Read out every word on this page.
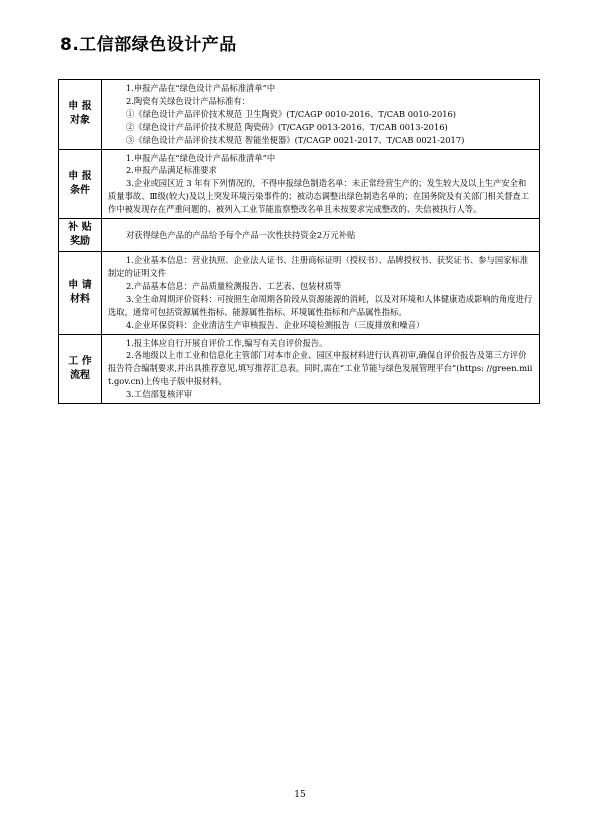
8.工信部绿色设计产品
申 报
对象	1.申报产品在“绿色设计产品标准清单”中
2.陶瓷有关绿色设计产品标准有：
①《绿色设计产品评价技术规范 卫生陶瓷》(T/CAGP 0010-2016、T/CAB 0010-2016)
②《绿色设计产品评价技术规范 陶瓷砖》(T/CAGP 0013-2016、T/CAB 0013-2016)
③《绿色设计产品评价技术规范 智能坐便器》(T/CAGP 0021-2017、T/CAB 0021-2017)

申 报
条件	1.申报产品在“绿色设计产品标准清单”中
2.申报产品满足标准要求
3.企业或园区近 3 年有下列情况的，不得申报绿色制造名单：未正常经营生产的；发生较大及以上生产安全和质量事故、Ⅲ级(较大)及以上突发环境污染事件的；被动态调整出绿色制造名单的；在国务院及有关部门相关督查工作中被发现存在严重问题的、被列入工业节能监察整改名单且未按要求完成整改的、失信被执行人等。

补 贴
奖励	对获得绿色产品的产品给予每个产品一次性扶持资金2万元补贴

申 请
材料	1.企业基本信息：营业执照、企业法人证书、注册商标证明（授权书）、品牌授权书、获奖证书、参与国家标准制定的证明文件
2.产品基本信息：产品质量检测报告、工艺表、包装材质等
3.全生命周期评价资料：可按照生命周期各阶段从资源能源的消耗，以及对环境和人体健康造成影响的角度进行选取，通常可包括资源属性指标、能源属性指标、环境属性指标和产品属性指标。
4.企业环保资料：企业清洁生产审核报告、企业环境检测报告（三废排放和噪音）

工 作
流程	1.报主体应自行开展自评价工作,编写有关自评价报告。
2.各地级以上市工业和信息化主管部门对本市企业、园区申报材料进行认真初审,确保自评价报告及第三方评价报告符合编制要求,并出具推荐意见,填写推荐汇总表。同时,需在“工业节能与绿色发展管理平台”(https: //green.miit.gov.cn)上传电子版申报材料。
3.工信部复核评审
15
